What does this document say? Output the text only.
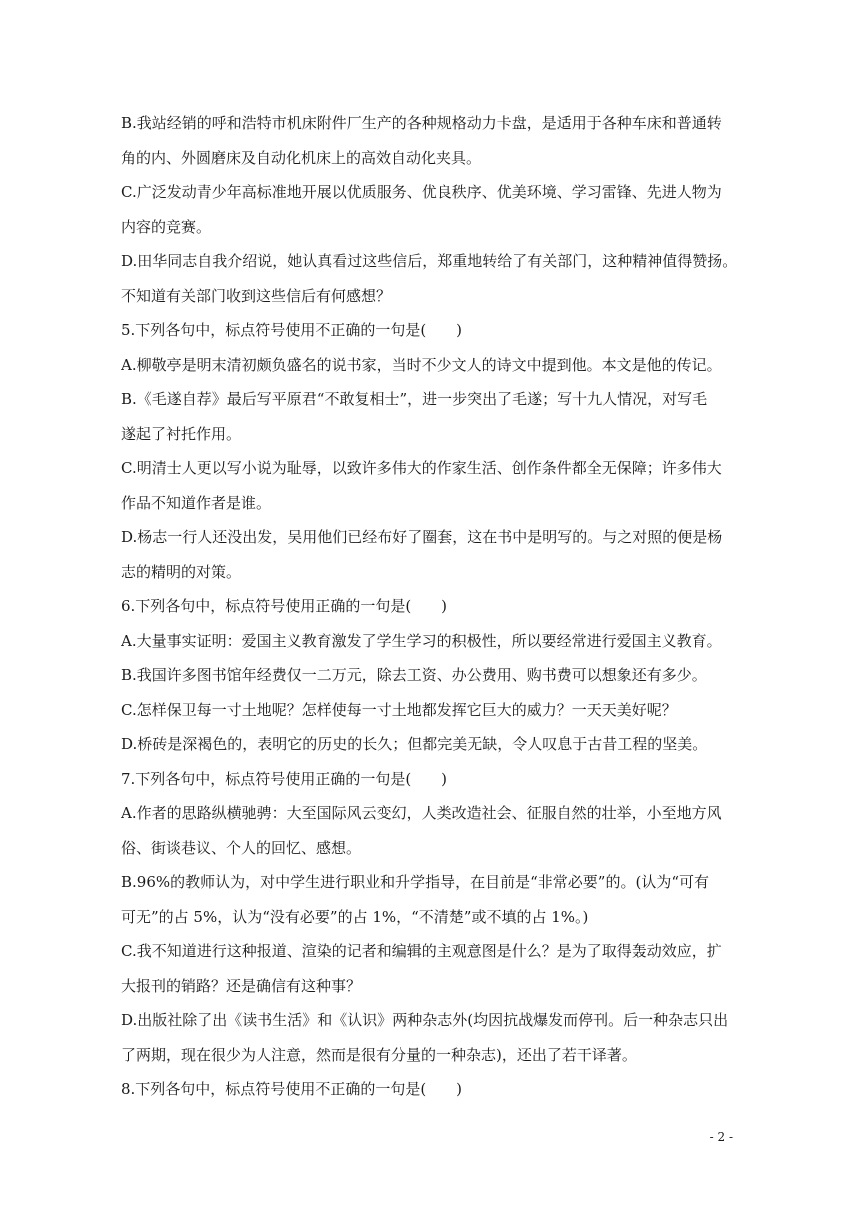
B.我站经销的呼和浩特市机床附件厂生产的各种规格动力卡盘，是适用于各种车床和普通转
角的内、外圆磨床及自动化机床上的高效自动化夹具。
C.广泛发动青少年高标准地开展以优质服务、优良秩序、优美环境、学习雷锋、先进人物为
内容的竞赛。
D.田华同志自我介绍说，她认真看过这些信后，郑重地转给了有关部门，这种精神值得赞扬。
不知道有关部门收到这些信后有何感想？
5.下列各句中，标点符号使用不正确的一句是(　　)
A.柳敬亭是明末清初颇负盛名的说书家，当时不少文人的诗文中提到他。本文是他的传记。
B.《毛遂自荐》最后写平原君“不敢复相士”，进一步突出了毛遂；写十九人情况，对写毛
遂起了衬托作用。
C.明清士人更以写小说为耻辱，以致许多伟大的作家生活、创作条件都全无保障；许多伟大
作品不知道作者是谁。
D.杨志一行人还没出发，吴用他们已经布好了圈套，这在书中是明写的。与之对照的便是杨
志的精明的对策。
6.下列各句中，标点符号使用正确的一句是(　　)
A.大量事实证明：爱国主义教育激发了学生学习的积极性，所以要经常进行爱国主义教育。
B.我国许多图书馆年经费仅一二万元，除去工资、办公费用、购书费可以想象还有多少。
C.怎样保卫每一寸土地呢？怎样使每一寸土地都发挥它巨大的威力？一天天美好呢？
D.桥砖是深褐色的，表明它的历史的长久；但都完美无缺，令人叹息于古昔工程的坚美。
7.下列各句中，标点符号使用正确的一句是(　　)
A.作者的思路纵横驰骋：大至国际风云变幻，人类改造社会、征服自然的壮举，小至地方风
俗、街谈巷议、个人的回忆、感想。
B.96%的教师认为，对中学生进行职业和升学指导，在目前是“非常必要”的。(认为“可有
可无”的占 5%，认为“没有必要”的占 1%，“不清楚”或不填的占 1%。)
C.我不知道进行这种报道、渲染的记者和编辑的主观意图是什么？是为了取得轰动效应，扩
大报刊的销路？还是确信有这种事？
D.出版社除了出《读书生活》和《认识》两种杂志外(均因抗战爆发而停刊。后一种杂志只出
了两期，现在很少为人注意，然而是很有分量的一种杂志)，还出了若干译著。
8.下列各句中，标点符号使用不正确的一句是(　　)
- 2 -
